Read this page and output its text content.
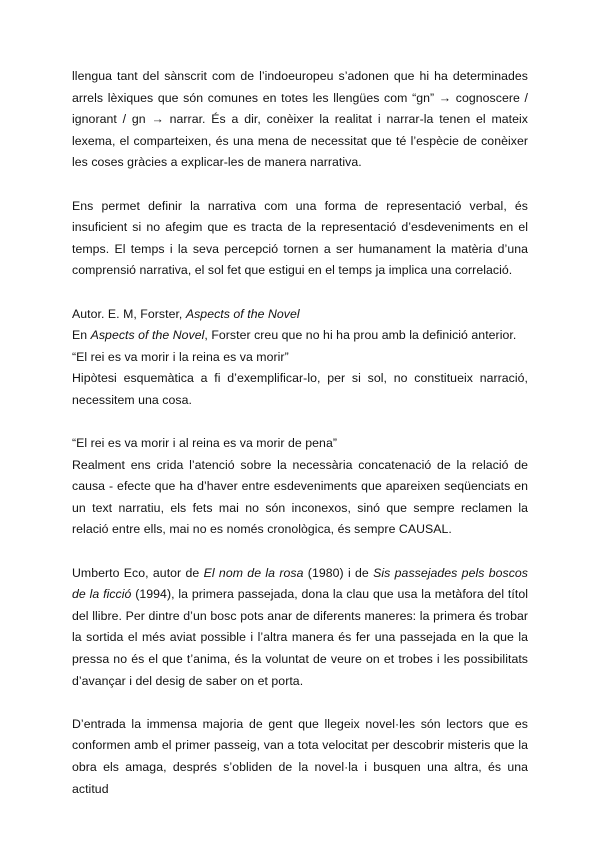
llengua tant del sànscrit com de l’indoeuropeu s’adonen que hi ha determinades arrels lèxiques que són comunes en totes les llengües com “gn” → cognoscere / ignorant / gn → narrar. És a dir, conèixer la realitat i narrar-la tenen el mateix lexema, el comparteixen, és una mena de necessitat que té l’espècie de conèixer les coses gràcies a explicar-les de manera narrativa.

Ens permet definir la narrativa com una forma de representació verbal, és insuficient si no afegim que es tracta de la representació d’esdeveniments en el temps. El temps i la seva percepció tornen a ser humanament la matèria d’una comprensió narrativa, el sol fet que estigui en el temps ja implica una correlació.

Autor. E. M, Forster, Aspects of the Novel
En Aspects of the Novel, Forster creu que no hi ha prou amb la definició anterior.
“El rei es va morir i la reina es va morir”

Hipòtesi esquemàtica a fi d’exemplificar-lo, per si sol, no constitueix narració, necessitem una cosa.

“El rei es va morir i al reina es va morir de pena”

Realment ens crida l’atenció sobre la necessària concatenació de la relació de causa - efecte que ha d’haver entre esdeveniments que apareixen seqüenciats en un text narratiu, els fets mai no són inconexos, sinó que sempre reclamen la relació entre ells, mai no es només cronològica, és sempre CAUSAL.

Umberto Eco, autor de El nom de la rosa (1980) i de Sis passejades pels boscos de la ficció (1994), la primera passejada, dona la clau que usa la metàfora del títol del llibre. Per dintre d’un bosc pots anar de diferents maneres: la primera és trobar la sortida el més aviat possible i l’altra manera és fer una passejada en la que la pressa no és el que t’anima, és la voluntat de veure on et trobes i les possibilitats d’avançar i del desig de saber on et porta.

D’entrada la immensa majoria de gent que llegeix novel·les són lectors que es conformen amb el primer passeig, van a tota velocitat per descobrir misteris que la obra els amaga, després s’obliden de la novel·la i busquen una altra, és una actitud
